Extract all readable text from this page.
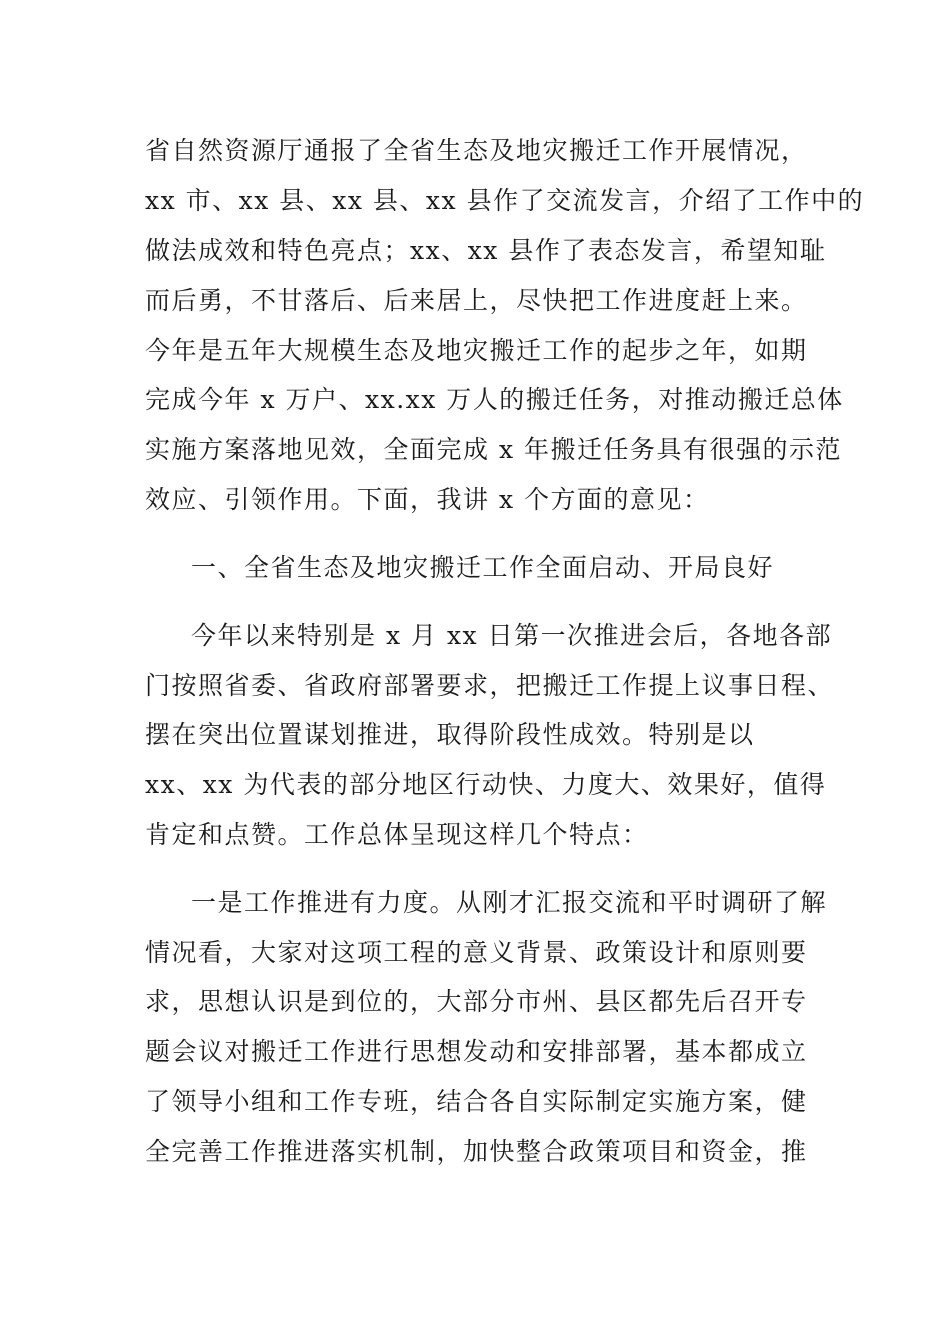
省自然资源厅通报了全省生态及地灾搬迁工作开展情况，
xx 市、xx 县、xx 县、xx 县作了交流发言，介绍了工作中的
做法成效和特色亮点；xx、xx 县作了表态发言，希望知耻
而后勇，不甘落后、后来居上，尽快把工作进度赶上来。
今年是五年大规模生态及地灾搬迁工作的起步之年，如期
完成今年 x 万户、xx.xx 万人的搬迁任务，对推动搬迁总体
实施方案落地见效，全面完成 x 年搬迁任务具有很强的示范
效应、引领作用。下面，我讲 x 个方面的意见：
一、全省生态及地灾搬迁工作全面启动、开局良好
今年以来特别是 x 月 xx 日第一次推进会后，各地各部
门按照省委、省政府部署要求，把搬迁工作提上议事日程、
摆在突出位置谋划推进，取得阶段性成效。特别是以
xx、xx 为代表的部分地区行动快、力度大、效果好，值得
肯定和点赞。工作总体呈现这样几个特点：
一是工作推进有力度。从刚才汇报交流和平时调研了解
情况看，大家对这项工程的意义背景、政策设计和原则要
求，思想认识是到位的，大部分市州、县区都先后召开专
题会议对搬迁工作进行思想发动和安排部署，基本都成立
了领导小组和工作专班，结合各自实际制定实施方案，健
全完善工作推进落实机制，加快整合政策项目和资金，推
